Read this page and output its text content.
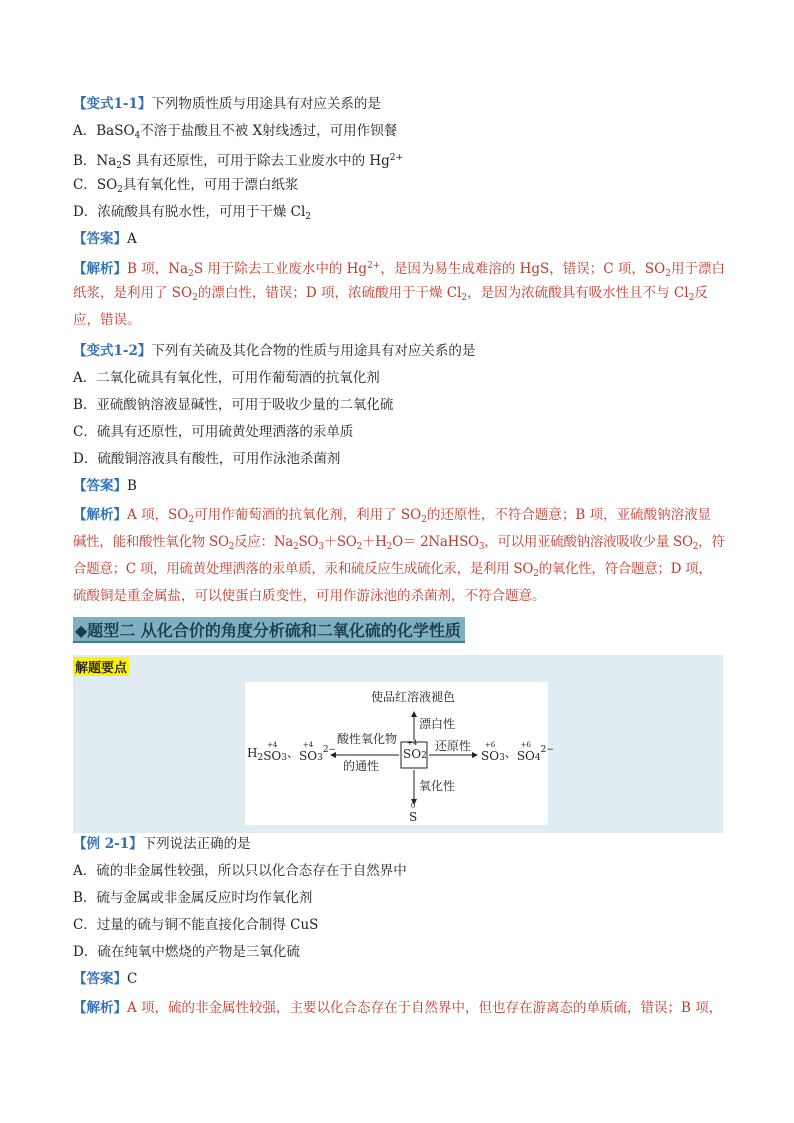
【变式1-1】下列物质性质与用途具有对应关系的是
A．BaSO$_4$不溶于盐酸且不被 X射线透过，可用作钡餐
B．$Na_2S$ 具有还原性，可用于除去工业废水中的 $Hg^{2+}$
C．$SO_2$具有氧化性，可用于漂白纸浆
D．浓硫酸具有脱水性，可用于干燥 $Cl_2$
【答案】A
【解析】B 项，$Na_2S$ 用于除去工业废水中的 $Hg^{2+}$，是因为易生成难溶的 HgS，错误；C 项，$SO_2$用于漂白
纸浆，是利用了 $SO_2$的漂白性，错误；D 项，浓硫酸用于干燥 $Cl_2$，是因为浓硫酸具有吸水性且不与 $Cl_2$反
应，错误。
【变式1-2】下列有关硫及其化合物的性质与用途具有对应关系的是
A．二氧化硫具有氧化性，可用作葡萄酒的抗氧化剂
B．亚硫酸钠溶液显碱性，可用于吸收少量的二氧化硫
C．硫具有还原性，可用硫黄处理洒落的汞单质
D．硫酸铜溶液具有酸性，可用作泳池杀菌剂
【答案】B
【解析】A 项，$SO_2$可用作葡萄酒的抗氧化剂，利用了 $SO_2$的还原性，不符合题意；B 项，亚硫酸钠溶液显
碱性，能和酸性氧化物 $SO_2$反应：$Na_2SO_3+SO_2+H_2O=$ 2NaHSO$_3$，可以用亚硫酸钠溶液吸收少量 $SO_2$，符
合题意；C 项，用硫黄处理洒落的汞单质，汞和硫反应生成硫化汞，是利用 $SO_2$的氧化性，符合题意；D 项，
硫酸铜是重金属盐，可以使蛋白质变性，可用作游泳池的杀菌剂，不符合题意。
◆题型二 从化合价的角度分析硫和二氧化硫的化学性质
解题要点
使品红溶液褪色
漂白性
酸性氧化物
的通性
还原性
氧化性
+4
$SO_2$
$H_2$
+4
$SO_3$、
+4
$SO_3^{2-}$	+6
$SO_3$、
+6
$SO_4^{2-}$
0
S
【例 2-1】下列说法正确的是
A．硫的非金属性较强，所以只以化合态存在于自然界中
B．硫与金属或非金属反应时均作氧化剂
C．过量的硫与铜不能直接化合制得 CuS
D．硫在纯氧中燃烧的产物是三氧化硫
【答案】C
【解析】A 项，硫的非金属性较强，主要以化合态存在于自然界中，但也存在游离态的单质硫，错误；B 项，
